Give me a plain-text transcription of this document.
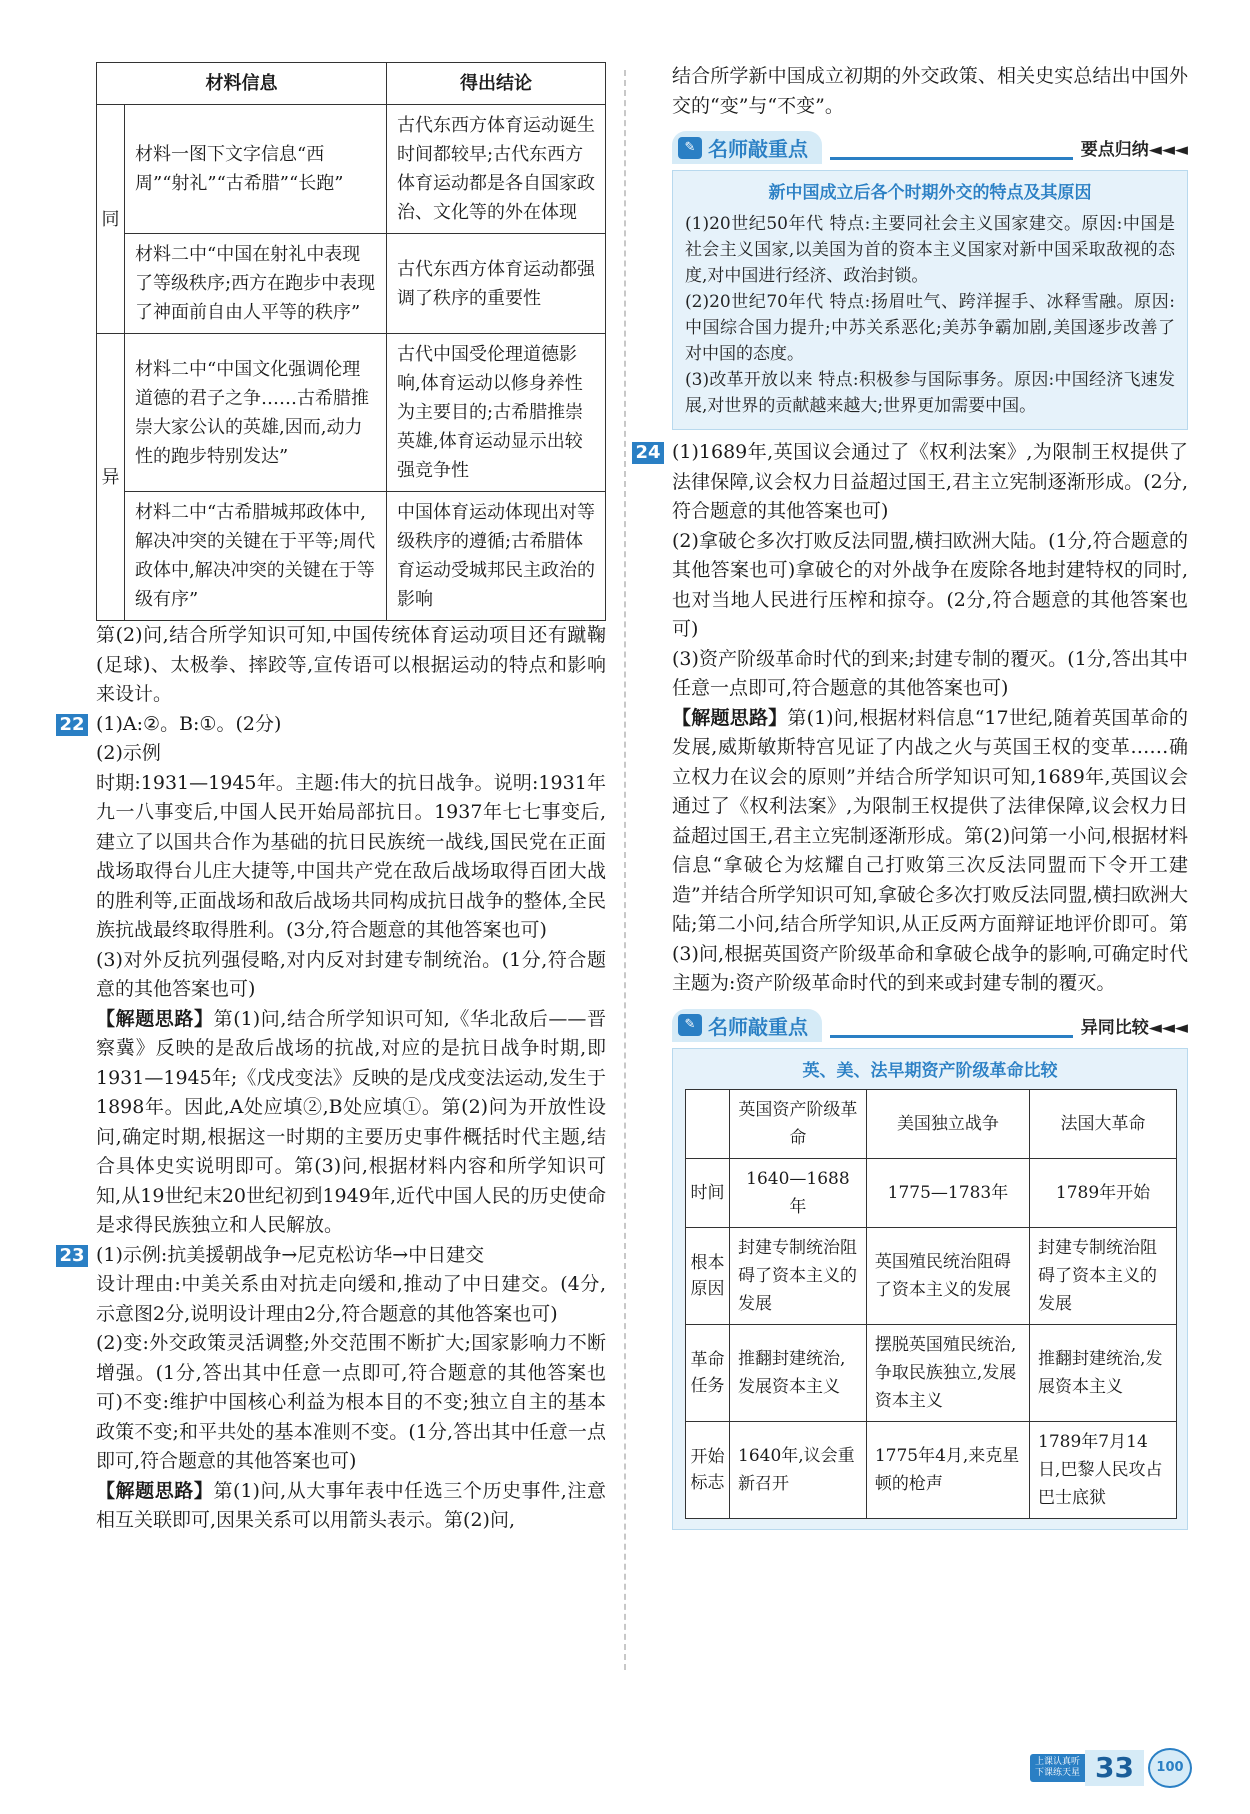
材料信息		得出结论
同	材料一图下文字信息“西周”“射礼”“古希腊”“长跑”	古代东西方体育运动诞生时间都较早;古代东西方体育运动都是各自国家政治、文化等的外在体现
	材料二中“中国在射礼中表现了等级秩序;西方在跑步中表现了神面前自由人平等的秩序”	古代东西方体育运动都强调了秩序的重要性
异	材料二中“中国文化强调伦理道德的君子之争……古希腊推崇大家公认的英雄,因而,动力性的跑步特别发达”	古代中国受伦理道德影响,体育运动以修身养性为主要目的;古希腊推崇英雄,体育运动显示出较强竞争性
	材料二中“古希腊城邦政体中,解决冲突的关键在于平等;周代政体中,解决冲突的关键在于等级有序”	中国体育运动体现出对等级秩序的遵循;古希腊体育运动受城邦民主政治的影响

第(2)问,结合所学知识可知,中国传统体育运动项目还有蹴鞠(足球)、太极拳、摔跤等,宣传语可以根据运动的特点和影响来设计。

22 (1)A:②。B:①。(2分)

(2)示例

时期:1931—1945年。主题:伟大的抗日战争。说明:1931年九一八事变后,中国人民开始局部抗日。1937年七七事变后,建立了以国共合作为基础的抗日民族统一战线,国民党在正面战场取得台儿庄大捷等,中国共产党在敌后战场取得百团大战的胜利等,正面战场和敌后战场共同构成抗日战争的整体,全民族抗战最终取得胜利。(3分,符合题意的其他答案也可)

(3)对外反抗列强侵略,对内反对封建专制统治。(1分,符合题意的其他答案也可)

【解题思路】第(1)问,结合所学知识可知,《华北敌后——晋察冀》反映的是敌后战场的抗战,对应的是抗日战争时期,即1931—1945年;《戊戌变法》反映的是戊戌变法运动,发生于1898年。因此,A处应填②,B处应填①。第(2)问为开放性设问,确定时期,根据这一时期的主要历史事件概括时代主题,结合具体史实说明即可。第(3)问,根据材料内容和所学知识可知,从19世纪末20世纪初到1949年,近代中国人民的历史使命是求得民族独立和人民解放。

23 (1)示例:抗美援朝战争→尼克松访华→中日建交

设计理由:中美关系由对抗走向缓和,推动了中日建交。(4分,示意图2分,说明设计理由2分,符合题意的其他答案也可)

(2)变:外交政策灵活调整;外交范围不断扩大;国家影响力不断增强。(1分,答出其中任意一点即可,符合题意的其他答案也可)不变:维护中国核心利益为根本目的不变;独立自主的基本政策不变;和平共处的基本准则不变。(1分,答出其中任意一点即可,符合题意的其他答案也可)

【解题思路】第(1)问,从大事年表中任选三个历史事件,注意相互关联即可,因果关系可以用箭头表示。第(2)问,

结合所学新中国成立初期的外交政策、相关史实总结出中国外交的“变”与“不变”。

✎ 名师敲重点	要点归纳◄◄◄
新中国成立后各个时期外交的特点及其原因

(1)20世纪50年代 特点:主要同社会主义国家建交。原因:中国是社会主义国家,以美国为首的资本主义国家对新中国采取敌视的态度,对中国进行经济、政治封锁。

(2)20世纪70年代 特点:扬眉吐气、跨洋握手、冰释雪融。原因:中国综合国力提升;中苏关系恶化;美苏争霸加剧,美国逐步改善了对中国的态度。

(3)改革开放以来 特点:积极参与国际事务。原因:中国经济飞速发展,对世界的贡献越来越大;世界更加需要中国。

24 (1)1689年,英国议会通过了《权利法案》,为限制王权提供了法律保障,议会权力日益超过国王,君主立宪制逐渐形成。(2分,符合题意的其他答案也可)

(2)拿破仑多次打败反法同盟,横扫欧洲大陆。(1分,符合题意的其他答案也可)拿破仑的对外战争在废除各地封建特权的同时,也对当地人民进行压榨和掠夺。(2分,符合题意的其他答案也可)

(3)资产阶级革命时代的到来;封建专制的覆灭。(1分,答出其中任意一点即可,符合题意的其他答案也可)

【解题思路】第(1)问,根据材料信息“17世纪,随着英国革命的发展,威斯敏斯特宫见证了内战之火与英国王权的变革……确立权力在议会的原则”并结合所学知识可知,1689年,英国议会通过了《权利法案》,为限制王权提供了法律保障,议会权力日益超过国王,君主立宪制逐渐形成。第(2)问第一小问,根据材料信息“拿破仑为炫耀自己打败第三次反法同盟而下令开工建造”并结合所学知识可知,拿破仑多次打败反法同盟,横扫欧洲大陆;第二小问,结合所学知识,从正反两方面辩证地评价即可。第(3)问,根据英国资产阶级革命和拿破仑战争的影响,可确定时代主题为:资产阶级革命时代的到来或封建专制的覆灭。

✎ 名师敲重点	异同比较◄◄◄
英、美、法早期资产阶级革命比较
	英国资产阶级革命	美国独立战争	法国大革命
时间	1640—1688年	1775—1783年	1789年开始
根本原因	封建专制统治阻碍了资本主义的发展	英国殖民统治阻碍了资本主义的发展	封建专制统治阻碍了资本主义的发展
革命任务	推翻封建统治,发展资本主义	摆脱英国殖民统治,争取民族独立,发展资本主义	推翻封建统治,发展资本主义
开始标志	1640年,议会重新召开	1775年4月,来克星顿的枪声	1789年7月14日,巴黎人民攻占巴士底狱
上课认真听
下课练天星 33	100
